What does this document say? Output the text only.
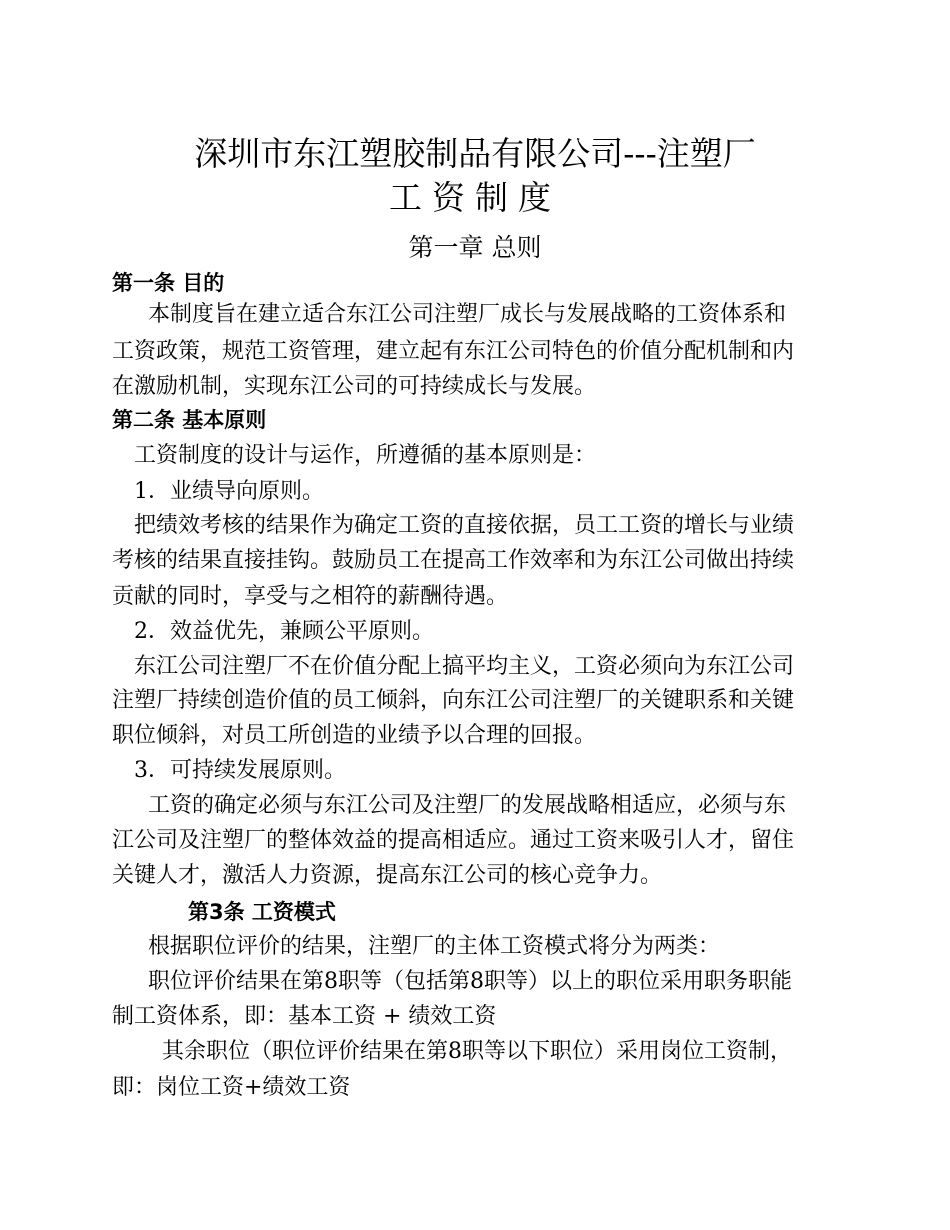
深圳市东江塑胶制品有限公司---注塑厂
工资制度
第一章 总则
第一条 目的
本制度旨在建立适合东江公司注塑厂成长与发展战略的工资体系和
工资政策，规范工资管理，建立起有东江公司特色的价值分配机制和内
在激励机制，实现东江公司的可持续成长与发展。
第二条 基本原则
工资制度的设计与运作，所遵循的基本原则是：
1．业绩导向原则。
把绩效考核的结果作为确定工资的直接依据，员工工资的增长与业绩
考核的结果直接挂钩。鼓励员工在提高工作效率和为东江公司做出持续
贡献的同时，享受与之相符的薪酬待遇。
2．效益优先，兼顾公平原则。
东江公司注塑厂不在价值分配上搞平均主义，工资必须向为东江公司
注塑厂持续创造价值的员工倾斜，向东江公司注塑厂的关键职系和关键
职位倾斜，对员工所创造的业绩予以合理的回报。
3．可持续发展原则。
工资的确定必须与东江公司及注塑厂的发展战略相适应，必须与东
江公司及注塑厂的整体效益的提高相适应。通过工资来吸引人才，留住
关键人才，激活人力资源，提高东江公司的核心竞争力。
第3条 工资模式
根据职位评价的结果，注塑厂的主体工资模式将分为两类：
职位评价结果在第8职等（包括第8职等）以上的职位采用职务职能
制工资体系，即：基本工资 + 绩效工资
其余职位（职位评价结果在第8职等以下职位）采用岗位工资制，
即：岗位工资+绩效工资
